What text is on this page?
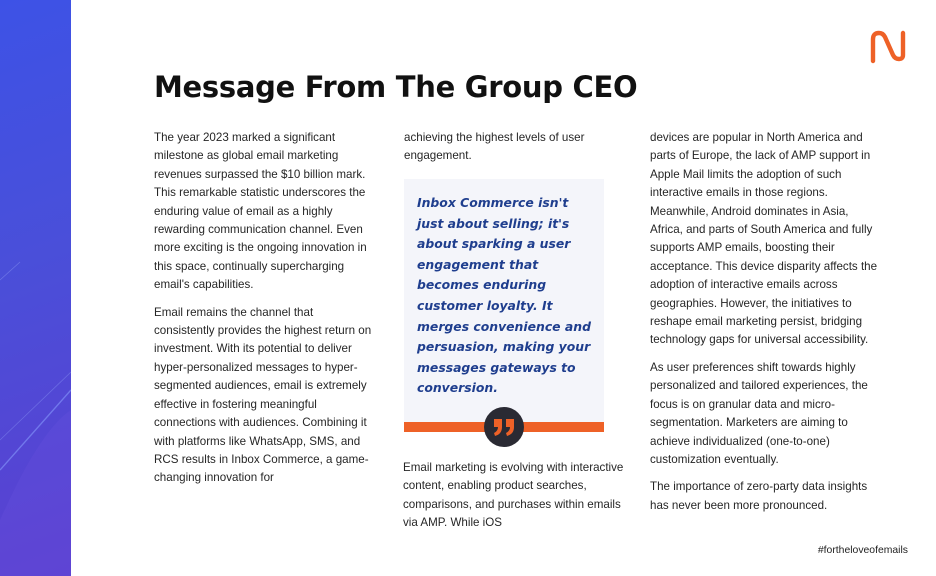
Message From The Group CEO

The year 2023 marked a significant milestone as global email marketing revenues surpassed the $10 billion mark. This remarkable statistic underscores the enduring value of email as a highly rewarding communication channel. Even more exciting is the ongoing innovation in this space, continually supercharging email's capabilities.

Email remains the channel that consistently provides the highest return on investment. With its potential to deliver hyper-personalized messages to hyper-segmented audiences, email is extremely effective in fostering meaningful connections with audiences. Combining it with platforms like WhatsApp, SMS, and RCS results in Inbox Commerce, a game-changing innovation for

achieving the highest levels of user engagement.

Inbox Commerce isn't just about selling; it's about sparking a user engagement that becomes enduring customer loyalty. It merges convenience and persuasion, making your messages gateways to conversion.

Email marketing is evolving with interactive content, enabling product searches, comparisons, and purchases within emails via AMP. While iOS

devices are popular in North America and parts of Europe, the lack of AMP support in Apple Mail limits the adoption of such interactive emails in those regions. Meanwhile, Android dominates in Asia, Africa, and parts of South America and fully supports AMP emails, boosting their acceptance. This device disparity affects the adoption of interactive emails across geographies. However, the initiatives to reshape email marketing persist, bridging technology gaps for universal accessibility.

As user preferences shift towards highly personalized and tailored experiences, the focus is on granular data and micro-segmentation. Marketers are aiming to achieve individualized (one-to-one) customization eventually.

The importance of zero-party data insights has never been more pronounced.

#fortheloveofemails
